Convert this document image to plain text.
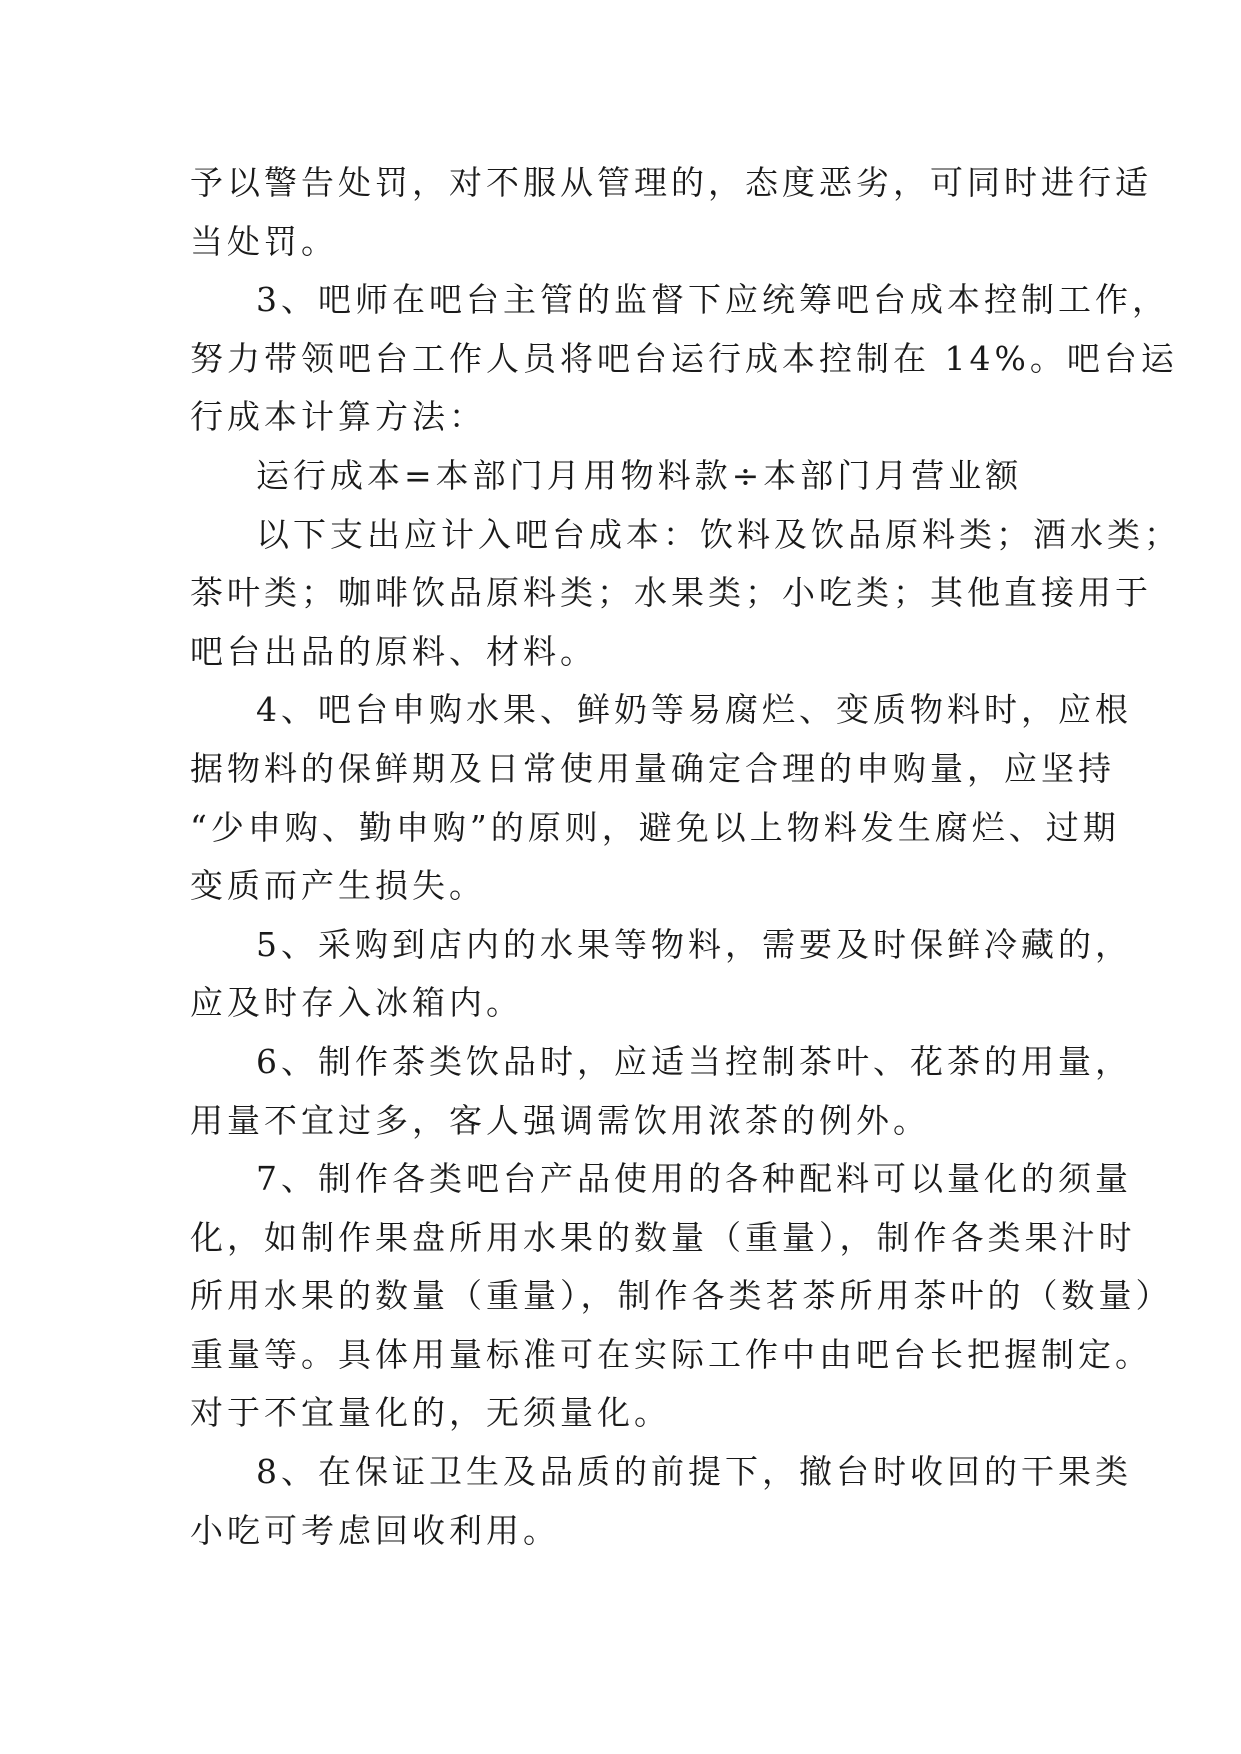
予以警告处罚，对不服从管理的，态度恶劣，可同时进行适
当处罚。
3、吧师在吧台主管的监督下应统筹吧台成本控制工作，
努力带领吧台工作人员将吧台运行成本控制在 14%。吧台运
行成本计算方法：
运行成本=本部门月用物料款÷本部门月营业额
以下支出应计入吧台成本：饮料及饮品原料类；酒水类；
茶叶类；咖啡饮品原料类；水果类；小吃类；其他直接用于
吧台出品的原料、材料。
4、吧台申购水果、鲜奶等易腐烂、变质物料时，应根
据物料的保鲜期及日常使用量确定合理的申购量，应坚持
“少申购、勤申购”的原则，避免以上物料发生腐烂、过期
变质而产生损失。
5、采购到店内的水果等物料，需要及时保鲜冷藏的，
应及时存入冰箱内。
6、制作茶类饮品时，应适当控制茶叶、花茶的用量，
用量不宜过多，客人强调需饮用浓茶的例外。
7、制作各类吧台产品使用的各种配料可以量化的须量
化，如制作果盘所用水果的数量（重量），制作各类果汁时
所用水果的数量（重量），制作各类茗茶所用茶叶的（数量）
重量等。具体用量标准可在实际工作中由吧台长把握制定。
对于不宜量化的，无须量化。
8、在保证卫生及品质的前提下，撤台时收回的干果类
小吃可考虑回收利用。
